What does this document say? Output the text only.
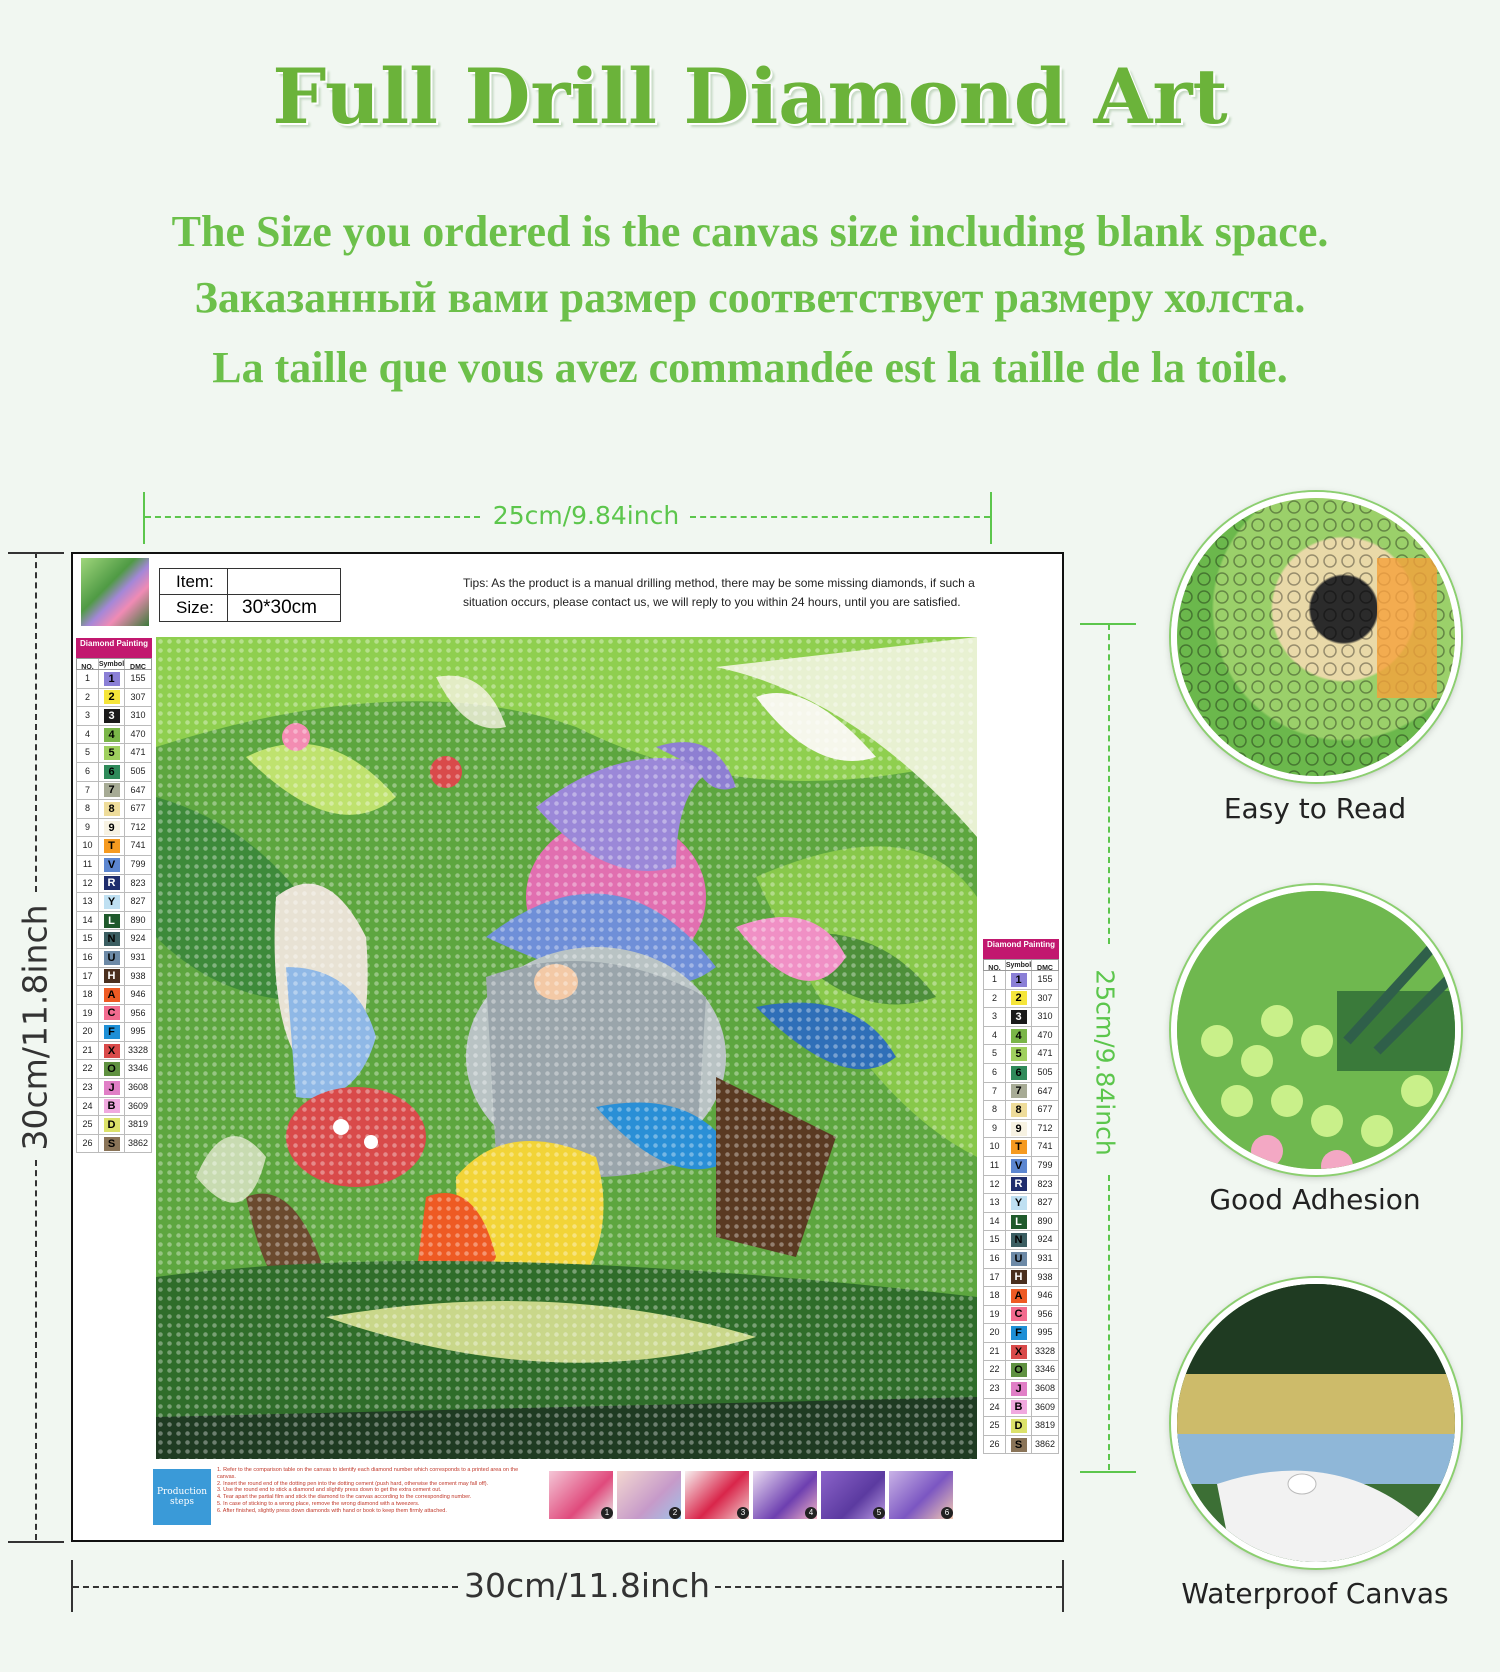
Full Drill Diamond Art
The Size you ordered is the canvas size including blank space.
Заказанный вами размер соответствует размеру холста.
La taille que vous avez commandée est la taille de la toile.
25cm/9.84inch
30cm/11.8inch	25cm/9.84inch
30cm/11.8inch
Item:
Size:	30*30cm
Tips: As the product is a manual drilling method, there may be some missing diamonds, if such a situation occurs, please contact us, we will reply to you within 24 hours, until you are satisfied.
Diamond Painting
NO. Symbol DMC
1	1	155
2	2	307
3	3	310
4	4	470
5	5	471
6	6	505
7	7	647
8	8	677
9	9	712
10	T	741
11	V	799
12	R	823
13	Y	827
14	L	890
15	N	924
16	U	931
17	H	938
18	A	946
19	C	956
20	F	995
21	X	3328
22	O	3346
23	J	3608
24	B	3609
25	D	3819
26	S	3862
Diamond Painting
NO. Symbol DMC
1	1	155
2	2	307
3	3	310
4	4	470
5	5	471
6	6	505
7	7	647
8	8	677
9	9	712
10	T	741
11	V	799
12	R	823
13	Y	827
14	L	890
15	N	924
16	U	931
17	H	938
18	A	946
19	C	956
20	F	995
21	X	3328
22	O	3346
23	J	3608
24	B	3609
25	D	3819
26	S	3862
Production steps
1. Refer to the comparison table on the canvas to identify each diamond number which corresponds to a printed area on the canvas.
2. Insert the round end of the dotting pen into the dotting cement (push hard, otherwise the cement may fall off).
3. Use the round end to stick a diamond and slightly press down to get the extra cement out.
4. Tear apart the partial film and stick the diamond to the canvas according to the corresponding number.
5. In case of sticking to a wrong place, remove the wrong diamond with a tweezers.
6. After finished, slightly press down diamonds with hand or book to keep them firmly attached.	1	2	3	4	5	6
Easy to Read
Good Adhesion
Waterproof Canvas
